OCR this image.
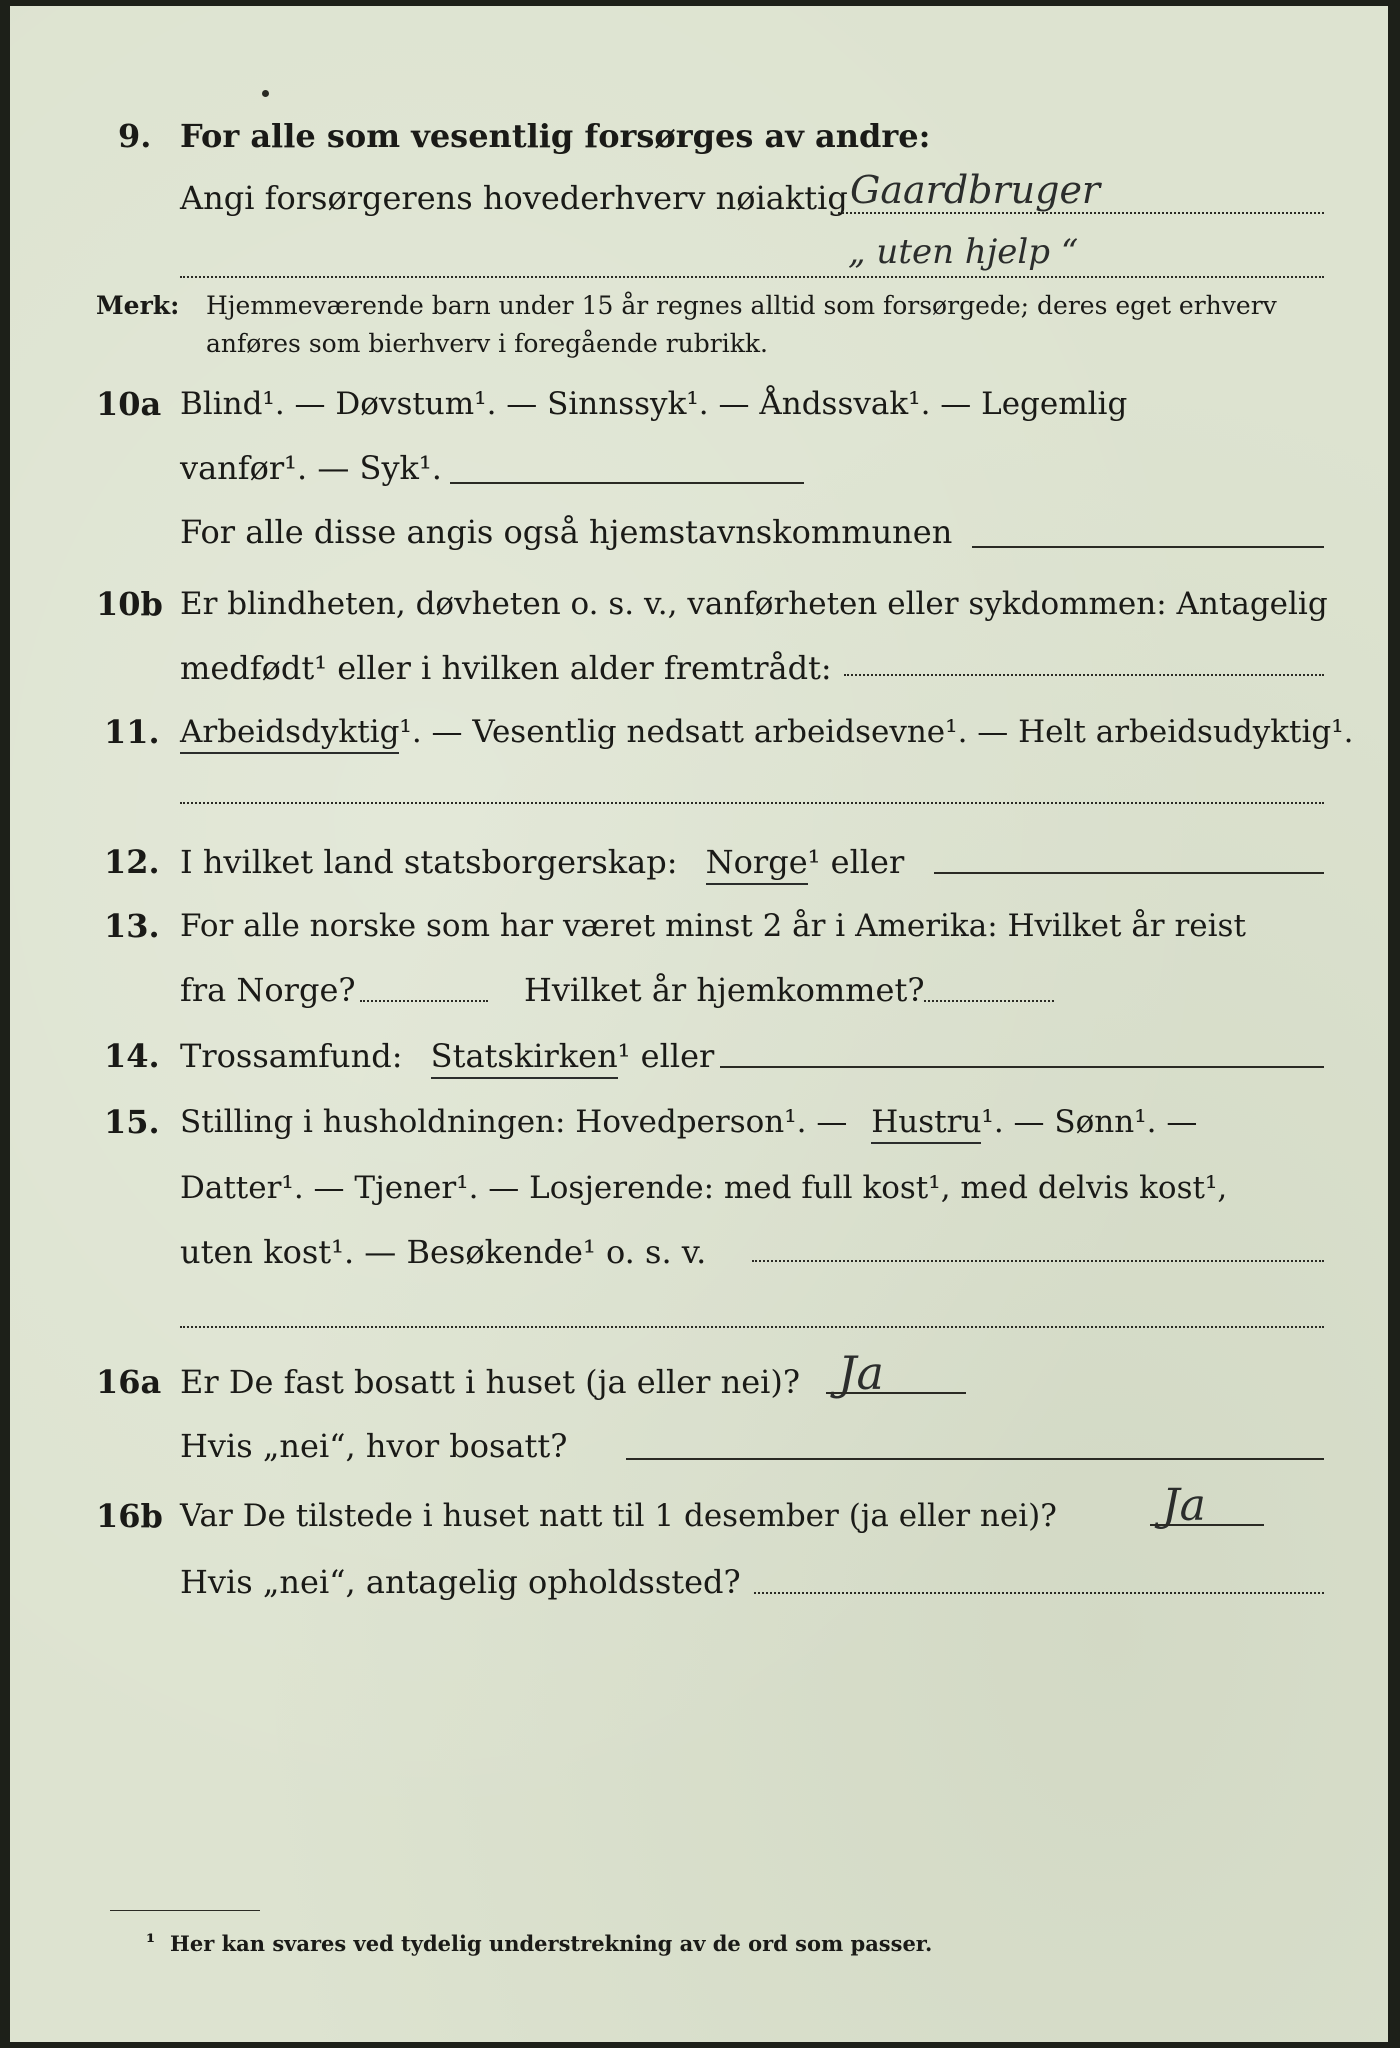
9. For alle som vesentlig forsørges av andre:
Angi forsørgerens hovederhverv nøiaktig Gaardbruger
„ uten hjelp “
Merk: Hjemmeværende barn under 15 år regnes alltid som forsørgede; deres eget erhverv
anføres som bierhverv i foregående rubrikk.
10a Blind¹. — Døvstum¹. — Sinnssyk¹. — Åndssvak¹. — Legemlig
vanfør¹. — Syk¹.
For alle disse angis også hjemstavnskommunen
10b Er blindheten, døvheten o. s. v., vanførheten eller sykdommen: Antagelig
medfødt¹ eller i hvilken alder fremtrådt:
11. Arbeidsdyktig¹. — Vesentlig nedsatt arbeidsevne¹. — Helt arbeidsudyktig¹.
12. I hvilket land statsborgerskap: Norge¹ eller
13. For alle norske som har været minst 2 år i Amerika: Hvilket år reist
fra Norge?	Hvilket år hjemkommet?
14. Trossamfund: Statskirken¹ eller
15. Stilling i husholdningen: Hovedperson¹. — Hustru¹. — Sønn¹. —
Datter¹. — Tjener¹. — Losjerende: med full kost¹, med delvis kost¹,
uten kost¹. — Besøkende¹ o. s. v.
16a Er De fast bosatt i huset (ja eller nei)? Ja
Hvis „nei“, hvor bosatt?
16b Var De tilstede i huset natt til 1 desember (ja eller nei)? Ja
Hvis „nei“, antagelig opholdssted?
¹ Her kan svares ved tydelig understrekning av de ord som passer.
